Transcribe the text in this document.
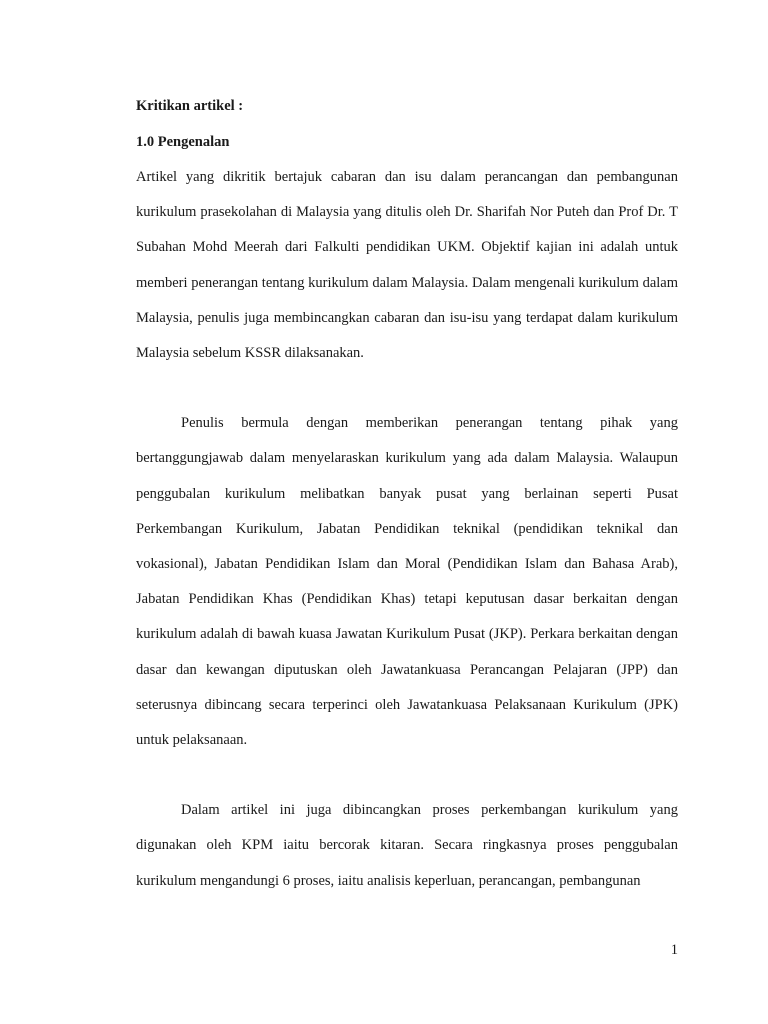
Kritikan artikel :

1.0 Pengenalan

Artikel yang dikritik bertajuk cabaran dan isu dalam perancangan dan pembangunan kurikulum prasekolahan di Malaysia yang ditulis oleh Dr. Sharifah Nor Puteh dan Prof Dr. T Subahan Mohd Meerah dari Falkulti pendidikan UKM. Objektif kajian ini adalah untuk memberi penerangan tentang kurikulum dalam Malaysia. Dalam mengenali kurikulum dalam Malaysia, penulis juga membincangkan cabaran dan isu-isu yang terdapat dalam kurikulum Malaysia sebelum KSSR dilaksanakan.

Penulis bermula dengan memberikan penerangan tentang pihak yang bertanggungjawab dalam menyelaraskan kurikulum yang ada dalam Malaysia. Walaupun penggubalan kurikulum melibatkan banyak pusat yang berlainan seperti Pusat Perkembangan Kurikulum, Jabatan Pendidikan teknikal (pendidikan teknikal dan vokasional), Jabatan Pendidikan Islam dan Moral (Pendidikan Islam dan Bahasa Arab), Jabatan Pendidikan Khas (Pendidikan Khas) tetapi keputusan dasar berkaitan dengan kurikulum adalah di bawah kuasa Jawatan Kurikulum Pusat (JKP). Perkara berkaitan dengan dasar dan kewangan diputuskan oleh Jawatankuasa Perancangan Pelajaran (JPP) dan seterusnya dibincang secara terperinci oleh Jawatankuasa Pelaksanaan Kurikulum (JPK) untuk pelaksanaan.

Dalam artikel ini juga dibincangkan proses perkembangan kurikulum yang digunakan oleh KPM iaitu bercorak kitaran. Secara ringkasnya proses penggubalan kurikulum mengandungi 6 proses, iaitu analisis keperluan, perancangan, pembangunan

1
